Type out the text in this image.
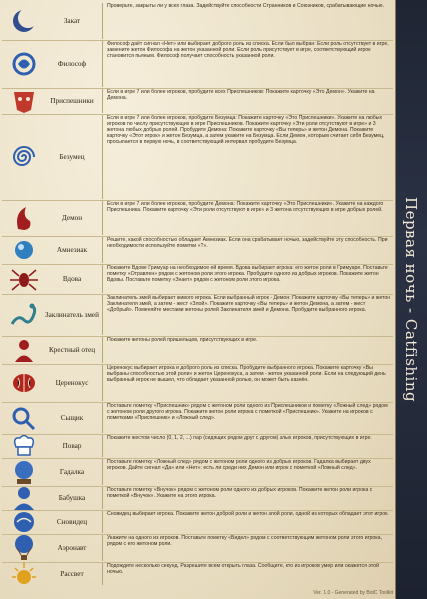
Первая ночь - Catfishing
Закат
Проверьте, закрыты ли у всех глаза. Задействуйте способности Странников и Союзников, срабатывающие ночью.
Философ
Философ даёт сигнал «Нет» или выбирает доброго роль из списка. Если был выбран: Если роль отсутствует в игре, замените жетон Философа на жетон указанной роли. Если роль присутствует в игре, соответствующий игрок становится пьяным. Философ получает способность указанной роли.
Приспешники
Если в игре 7 или более игроков, пробудите всех Приспешников: Покажите карточку «Это Демон». Укажите на Демона.
Безумец
Если в игре 7 или более игроков, пробудите Безумца: Покажите карточку «Это Приспешники». Укажите на любых игроков по числу присутствующих в игре Приспешников. Покажите карточку «Эти роли отсутствуют в игре» и 3 жетона любых добрых ролей. Пробудите Демона: Покажите карточку «Вы теперь» и жетон Демона. Покажите карточку «Этот игрок» и жетон Безумца, а затем укажите на Безумца. Если Демон, которым считает себя Безумец, просыпается в первую ночь, в соответствующий интервал пробудите Безумца.
Демон
Если в игре 7 или более игроков, пробудите Демона: Покажите карточку «Это Приспешники». Укажите на каждого Приспешника. Покажите карточку «Эти роли отсутствуют в игре» и 3 жетона отсутствующих в игре добрых ролей.
Амнезиак
Решите, какой способностью обладает Амнезиак. Если она срабатывает ночью, задействуйте эту способность. При необходимости используйте пометки «?».
Вдова
Покажите Вдове Гримуар на необходимое ей время. Вдова выбирает игрока: его жетон роли в Гримуаре. Поставьте пометку «Отравлен» рядом с жетоном роли этого игрока. Пробудите одного из добрых игроков. Покажите жетон Вдовы. Поставьте пометку «Знает» рядом с жетоном роли этого игрока.
Заклинатель змей
Заклинатель змей выбирает живого игрока. Если выбранный игрок - Демон: Покажите карточку «Вы теперь» и жетон Заклинателя змей, а затем - жест «Злой». Покажите карточку «Вы теперь» и жетон Демона, а затем - жест «Добрый». Поменяйте местами жетоны ролей Заклинателя змей и Демона. Пробудите выбранного игрока.
Крестный отец
Покажите жетоны ролей пришельцев, присутствующих в игре.
Церенокус
Церенокус выбирает игрока и доброго роль из списка. Пробудите выбранного игрока. Покажите карточку «Вы выбраны способностью этой роли» и жетон Церенокуса, а затем - жетон указанной роли. Если на следующий день выбранный игрок не вышел, что обладает указанной ролью, он может быть казнён.
Сыщик
Поставьте пометку «Приспешник» рядом с жетоном роли одного из Приспешников и пометку «Ложный след» рядом с жетоном роли другого игрока. Покажите жетон роли игрока с пометкой «Приспешник». Укажите на игроков с пометками «Приспешник» и «Ложный след».
Повар
Покажите жестом число (0, 1, 2, ...) пар (сидящих рядом друг с другом) злых игроков, присутствующих в игре.
Гадалка
Поставьте пометку «Ложный след» рядом с жетоном роли одного из добрых игроков. Гадалка выбирает двух игроков. Дайте сигнал «Да» или «Нет»: есть ли среди них Демон или игрок с пометкой «Ложный след».
Бабушка
Поставьте пометку «Внучок» рядом с жетоном роли одного из добрых игроков. Покажите жетон роли игрока с пометкой «Внучок». Укажите на этого игрока.
Сновидец
Сновидец выбирает игрока. Покажите жетон доброй роли и жетон злой роли, одной из которых обладает этот игрок.
Аэронавт
Укажите на одного из игроков. Поставьте пометку «Видел» рядом с соответствующим жетоном роли этого игрока, рядом с его жетоном роли.
Рассвет
Подождите несколько секунд. Разрешите всем открыть глаза. Сообщите, кто из игроков умер или окажется этой ночью.
Ver. 1.0 - Generated by BotC Toolkit
